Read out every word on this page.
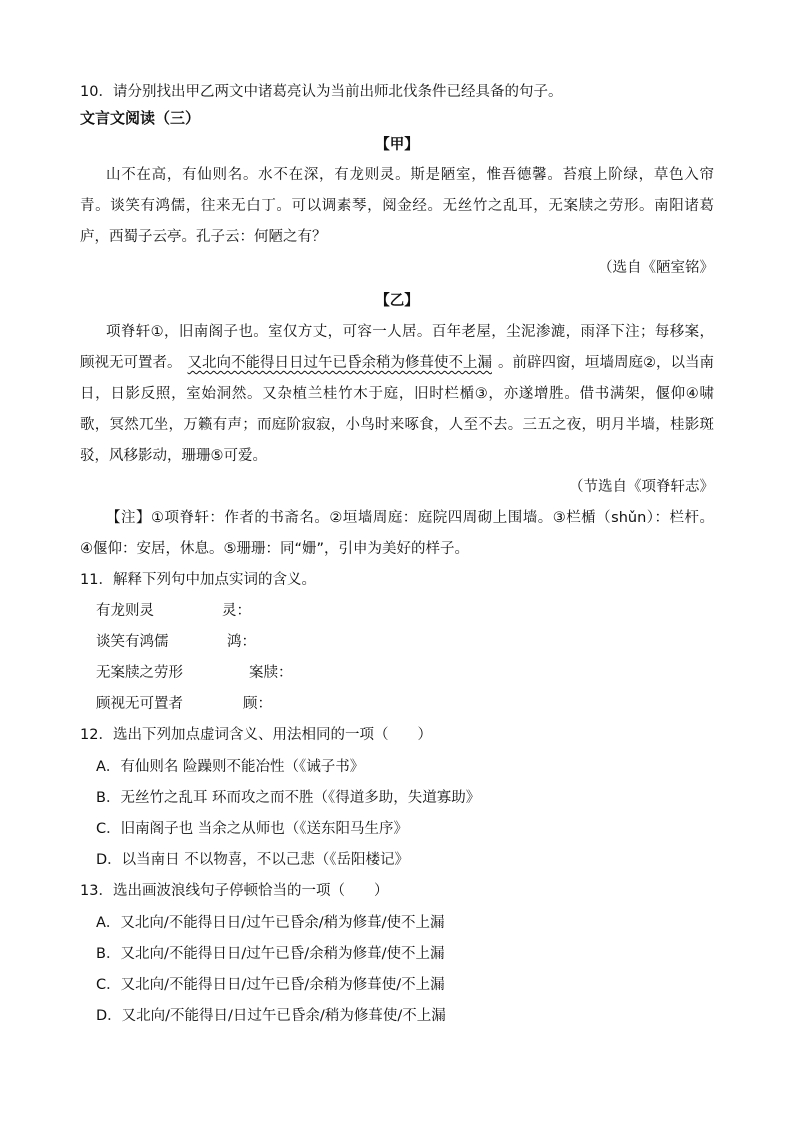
10．请分别找出甲乙两文中诸葛亮认为当前出师北伐条件已经具备的句子。
文言文阅读（三）
【甲】
山不在高，有仙则名。水不在深，有龙则灵。斯是陋室，惟吾德馨。苔痕上阶绿，草色入帘
青。谈笑有鸿儒，往来无白丁。可以调素琴，阅金经。无丝竹之乱耳，无案牍之劳形。南阳诸葛
庐，西蜀子云亭。孔子云：何陋之有？
（选自《陋室铭》
【乙】
项脊轩①，旧南阁子也。室仅方丈，可容一人居。百年老屋，尘泥渗漉，雨泽下注；每移案，
顾视无可置者。 又北向不能得日日过午已昏余稍为修葺使不上漏 。前辟四窗，垣墙周庭②，以当南
日，日影反照，室始洞然。又杂植兰桂竹木于庭，旧时栏楯③，亦遂增胜。借书满架，偃仰④啸
歌，冥然兀坐，万籁有声；而庭阶寂寂，小鸟时来啄食，人至不去。三五之夜，明月半墙，桂影斑
驳，风移影动，珊珊⑤可爱。
（节选自《项脊轩志》
【注】①项脊轩：作者的书斋名。②垣墙周庭：庭院四周砌上围墙。③栏楯（shǔn）：栏杆。
④偃仰：安居，休息。⑤珊珊：同“姗”，引申为美好的样子。
11．解释下列句中加点实词的含义。
有龙则灵	灵：
谈笑有鸿儒	鸿：
无案牍之劳形	案牍：
顾视无可置者	顾：
12．选出下列加点虚词含义、用法相同的一项（　　）
A．有仙则名 险躁则不能冶性（《诫子书》
B．无丝竹之乱耳 环而攻之而不胜（《得道多助，失道寡助》
C．旧南阁子也 当余之从师也（《送东阳马生序》
D．以当南日 不以物喜，不以己悲（《岳阳楼记》
13．选出画波浪线句子停顿恰当的一项（　　）
A．又北向/不能得日日/过午已昏余/稍为修葺/使不上漏
B．又北向/不能得日日/过午已昏/余稍为修葺/使不上漏
C．又北向/不能得日日/过午已昏/余稍为修葺使/不上漏
D．又北向/不能得日/日过午已昏余/稍为修葺使/不上漏
